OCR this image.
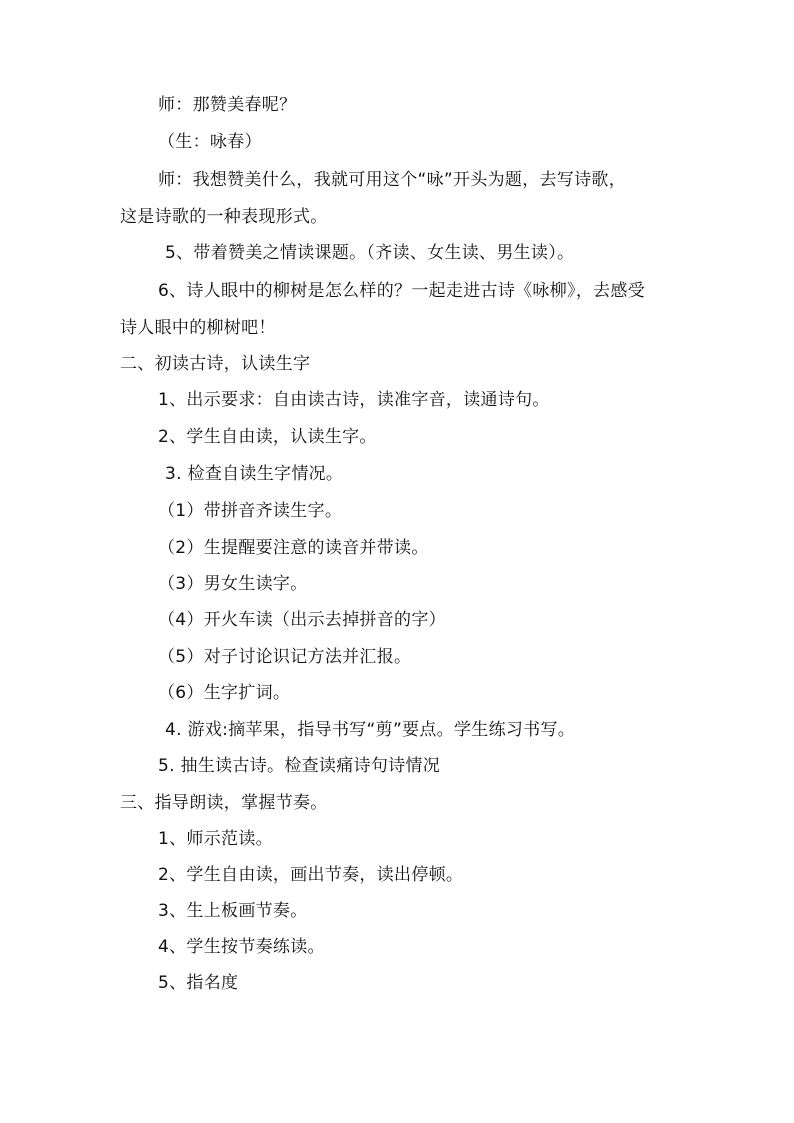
师：那赞美春呢？
（生：咏春）
师：我想赞美什么，我就可用这个“咏”开头为题，去写诗歌，
这是诗歌的一种表现形式。
5、带着赞美之情读课题。（齐读、女生读、男生读）。
6、诗人眼中的柳树是怎么样的？一起走进古诗《咏柳》，去感受
诗人眼中的柳树吧！
二、初读古诗，认读生字
1、出示要求：自由读古诗，读准字音，读通诗句。
2、学生自由读，认读生字。
3. 检查自读生字情况。
（1）带拼音齐读生字。
（2）生提醒要注意的读音并带读。
（3）男女生读字。
（4）开火车读（出示去掉拼音的字）
（5）对子讨论识记方法并汇报。
（6）生字扩词。
4. 游戏:摘苹果，指导书写“剪”要点。学生练习书写。
5. 抽生读古诗。检查读痛诗句诗情况
三、指导朗读，掌握节奏。
1、师示范读。
2、学生自由读，画出节奏，读出停顿。
3、生上板画节奏。
4、学生按节奏练读。
5、指名度
